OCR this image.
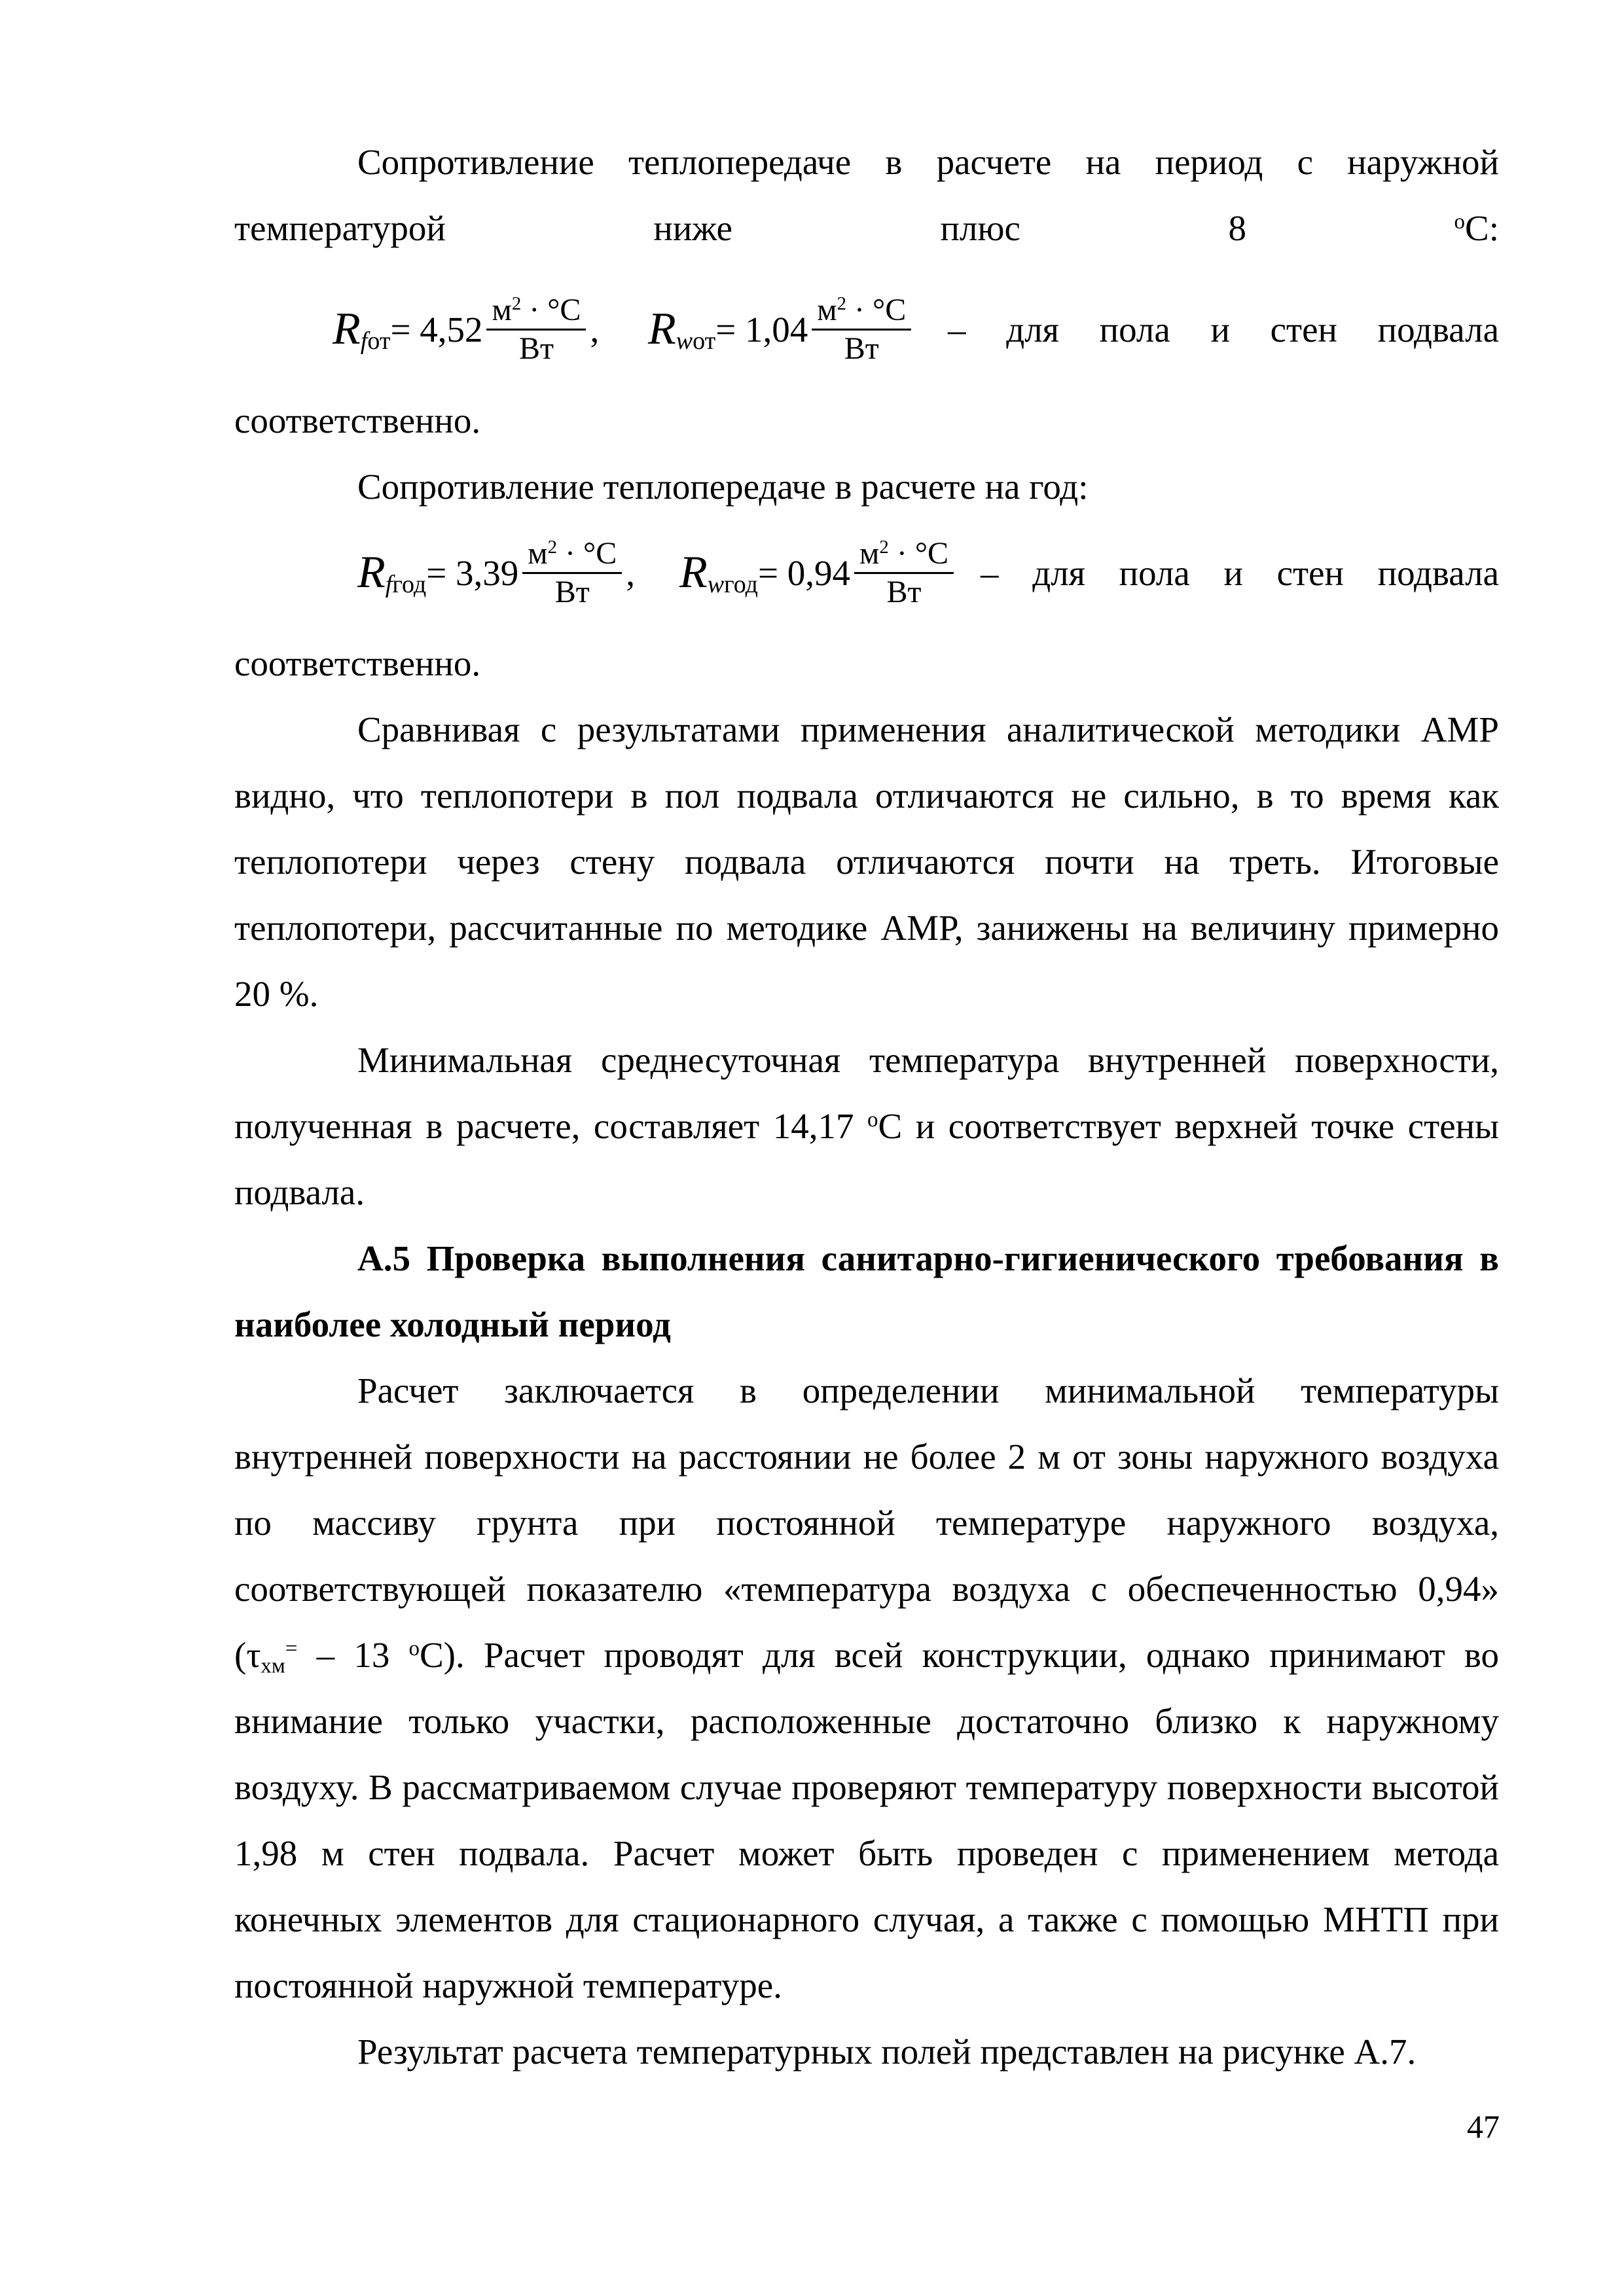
Сопротивление теплопередаче в расчете на период с наружной температурой ниже плюс 8 $^о$С:

R fот = $4,52 \frac{м^2 \cdot ^\circ С}{Вт}$ , R wот = $1,04 \frac{м^2 \cdot ^\circ С}{Вт}$ – для пола и стен подвала

соответственно.

Сопротивление теплопередаче в расчете на год:

R fгод = $3,39 \frac{м^2 \cdot ^\circ С}{Вт}$ , R wгод = $0,94 \frac{м^2 \cdot ^\circ С}{Вт}$ – для пола и стен подвала

соответственно.

Сравнивая с результатами применения аналитической методики АМР видно, что теплопотери в пол подвала отличаются не сильно, в то время как теплопотери через стену подвала отличаются почти на треть. Итоговые теплопотери, рассчитанные по методике АМР, занижены на величину примерно 20 %.

Минимальная среднесуточная температура внутренней поверхности, полученная в расчете, составляет 14,17 $^о$С и соответствует верхней точке стены подвала.

А.5 Проверка выполнения санитарно-гигиенического требования в наиболее холодный период

Расчет заключается в определении минимальной температуры внутренней поверхности на расстоянии не более 2 м от зоны наружного воздуха по массиву грунта при постоянной температуре наружного воздуха, соответствующей показателю «температура воздуха с обеспеченностью 0,94» ($\tau_{хм}^= - 13$ $^о$С). Расчет проводят для всей конструкции, однако принимают во внимание только участки, расположенные достаточно близко к наружному воздуху. В рассматриваемом случае проверяют температуру поверхности высотой 1,98 м стен подвала. Расчет может быть проведен с применением метода конечных элементов для стационарного случая, а также с помощью МНТП при постоянной наружной температуре.

Результат расчета температурных полей представлен на рисунке А.7.

47
